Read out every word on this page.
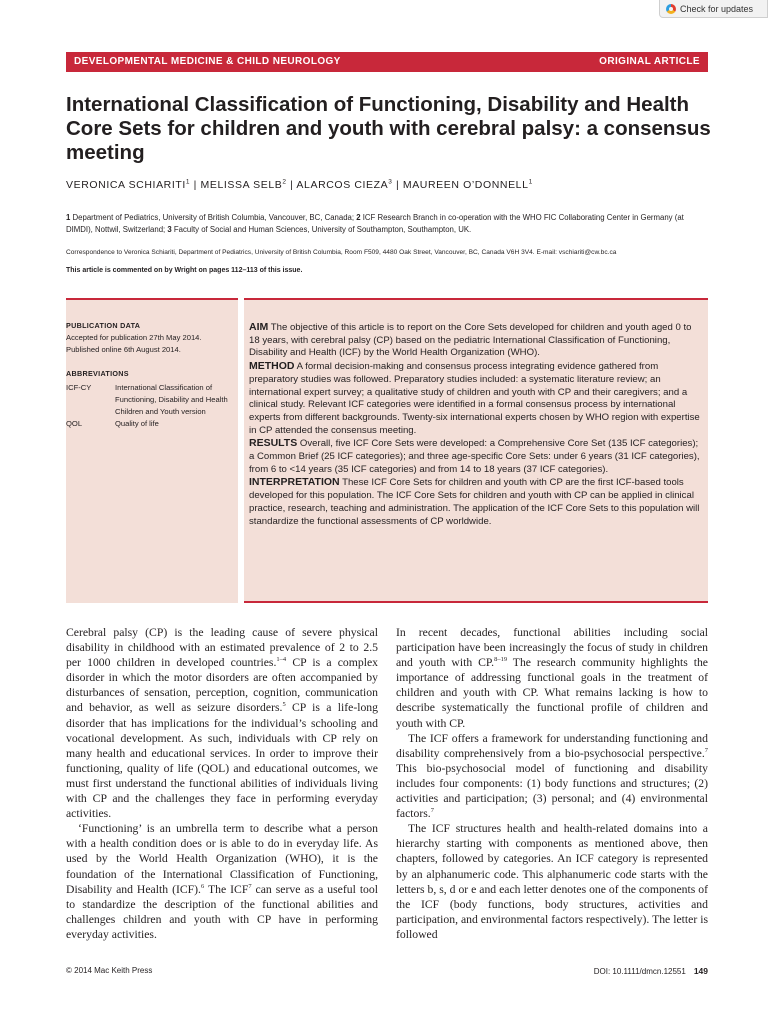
Check for updates
DEVELOPMENTAL MEDICINE & CHILD NEUROLOGY	ORIGINAL ARTICLE
International Classification of Functioning, Disability and Health Core Sets for children and youth with cerebral palsy: a consensus meeting
VERONICA SCHIARITI$^1$ | MELISSA SELB$^2$ | ALARCOS CIEZA$^3$ | MAUREEN O’DONNELL$^1$
1 Department of Pediatrics, University of British Columbia, Vancouver, BC, Canada; 2 ICF Research Branch in co-operation with the WHO FIC Collaborating Center in Germany (at DIMDI), Nottwil, Switzerland; 3 Faculty of Social and Human Sciences, University of Southampton, Southampton, UK.
Correspondence to Veronica Schiariti, Department of Pediatrics, University of British Columbia, Room F509, 4480 Oak Street, Vancouver, BC, Canada V6H 3V4. E-mail: vschiariti@cw.bc.ca
This article is commented on by Wright on pages 112–113 of this issue.
PUBLICATION DATA
Accepted for publication 27th May 2014.
Published online 6th August 2014.
ABBREVIATIONS
ICF-CY	International Classification of Functioning, Disability and Health Children and Youth version
QOL	Quality of life
AIM The objective of this article is to report on the Core Sets developed for children and youth aged 0 to 18 years, with cerebral palsy (CP) based on the pediatric International Classification of Functioning, Disability and Health (ICF) by the World Health Organization (WHO).
METHOD A formal decision-making and consensus process integrating evidence gathered from preparatory studies was followed. Preparatory studies included: a systematic literature review; an international expert survey; a qualitative study of children and youth with CP and their caregivers; and a clinical study. Relevant ICF categories were identified in a formal consensus process by international experts from different backgrounds. Twenty-six international experts chosen by WHO region with expertise in CP attended the consensus meeting.
RESULTS Overall, five ICF Core Sets were developed: a Comprehensive Core Set (135 ICF categories); a Common Brief (25 ICF categories); and three age-specific Core Sets: under 6 years (31 ICF categories), from 6 to <14 years (35 ICF categories) and from 14 to 18 years (37 ICF categories).
INTERPRETATION These ICF Core Sets for children and youth with CP are the first ICF-based tools developed for this population. The ICF Core Sets for children and youth with CP can be applied in clinical practice, research, teaching and administration. The application of the ICF Core Sets to this population will standardize the functional assessments of CP worldwide.

Cerebral palsy (CP) is the leading cause of severe physical disability in childhood with an estimated prevalence of 2 to 2.5 per 1000 children in developed countries.$^{1-4}$ CP is a complex disorder in which the motor disorders are often accompanied by disturbances of sensation, perception, cognition, communication and behavior, as well as seizure disorders.$^5$ CP is a life-long disorder that has implications for the individual’s schooling and vocational development. As such, individuals with CP rely on many health and educational services. In order to improve their functioning, quality of life (QOL) and educational outcomes, we must first understand the functional abilities of individuals living with CP and the challenges they face in performing everyday activities.

‘Functioning’ is an umbrella term to describe what a person with a health condition does or is able to do in everyday life. As used by the World Health Organization (WHO), it is the foundation of the International Classification of Functioning, Disability and Health (ICF).$^6$ The ICF$^7$ can serve as a useful tool to standardize the description of the functional abilities and challenges children and youth with CP have in performing everyday activities.

In recent decades, functional abilities including social participation have been increasingly the focus of study in children and youth with CP.$^{8-19}$ The research community highlights the importance of addressing functional goals in the treatment of children and youth with CP. What remains lacking is how to describe systematically the functional profile of children and youth with CP.

The ICF offers a framework for understanding functioning and disability comprehensively from a bio-psychosocial perspective.$^7$ This bio-psychosocial model of functioning and disability includes four components: (1) body functions and structures; (2) activities and participation; (3) personal; and (4) environmental factors.$^7$

The ICF structures health and health-related domains into a hierarchy starting with components as mentioned above, then chapters, followed by categories. An ICF category is represented by an alphanumeric code. This alphanumeric code starts with the letters b, s, d or e and each letter denotes one of the components of the ICF (body functions, body structures, activities and participation, and environmental factors respectively). The letter is followed

© 2014 Mac Keith Press	DOI: 10.1111/dmcn.12551 149
